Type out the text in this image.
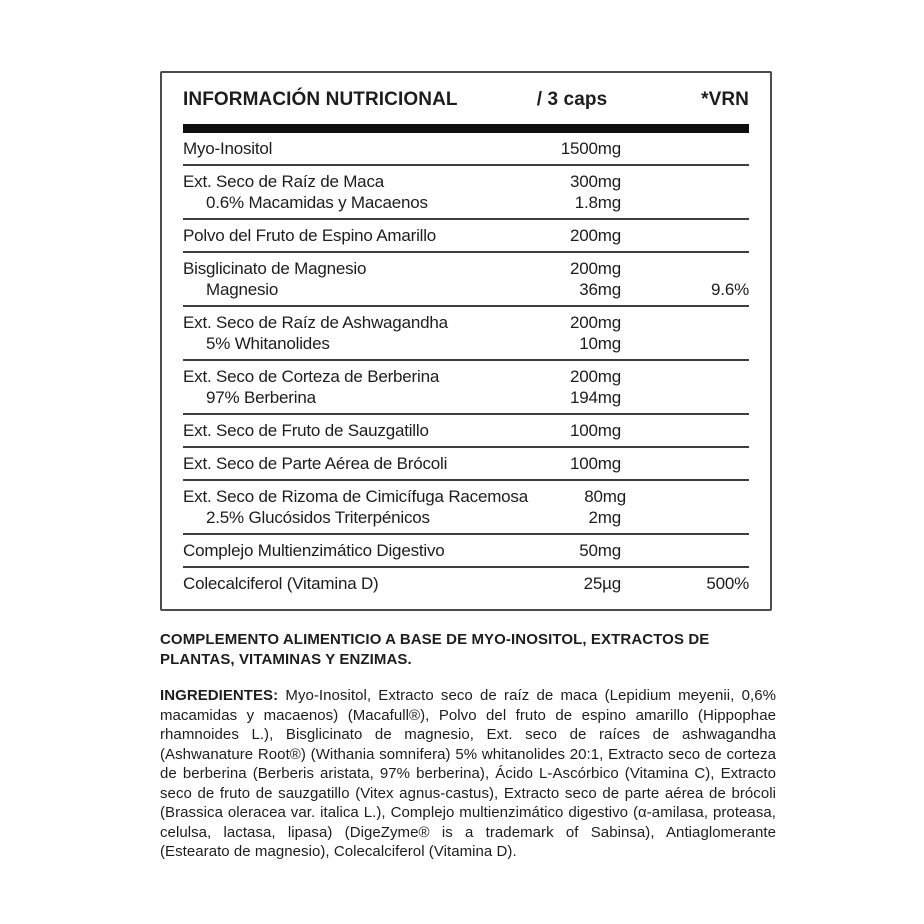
INFORMACIÓN NUTRICIONAL	/ 3 caps	*VRN
Myo-Inositol	1500mg
Ext. Seco de Raíz de Maca	300mg
0.6% Macamidas y Macaenos	1.8mg
Polvo del Fruto de Espino Amarillo	200mg
Bisglicinato de Magnesio	200mg
Magnesio	36mg	9.6%
Ext. Seco de Raíz de Ashwagandha	200mg
5% Whitanolides	10mg
Ext. Seco de Corteza de Berberina	200mg
97% Berberina	194mg
Ext. Seco de Fruto de Sauzgatillo	100mg
Ext. Seco de Parte Aérea de Brócoli	100mg
Ext. Seco de Rizoma de Cimicífuga Racemosa	80mg
2.5% Glucósidos Triterpénicos	2mg
Complejo Multienzimático Digestivo	50mg
Colecalciferol (Vitamina D)	25µg	500%

COMPLEMENTO ALIMENTICIO A BASE DE MYO-INOSITOL, EXTRACTOS DE PLANTAS, VITAMINAS Y ENZIMAS.

INGREDIENTES: Myo-Inositol, Extracto seco de raíz de maca (Lepidium meyenii, 0,6% macamidas y macaenos) (Macafull®), Polvo del fruto de espino amarillo (Hippophae rhamnoides L.), Bisglicinato de magnesio, Ext. seco de raíces de ashwagandha (Ashwanature Root®) (Withania somnifera) 5% whitanolides 20:1, Extracto seco de corteza de berberina (Berberis aristata, 97% berberina), Ácido L-Ascórbico (Vitamina C), Extracto seco de fruto de sauzgatillo (Vitex agnus-castus), Extracto seco de parte aérea de brócoli (Brassica oleracea var. italica L.), Complejo multienzimático digestivo (α-amilasa, proteasa, celulsa, lactasa, lipasa) (DigeZyme® is a trademark of Sabinsa), Antiaglomerante (Estearato de magnesio), Colecalciferol (Vitamina D).
